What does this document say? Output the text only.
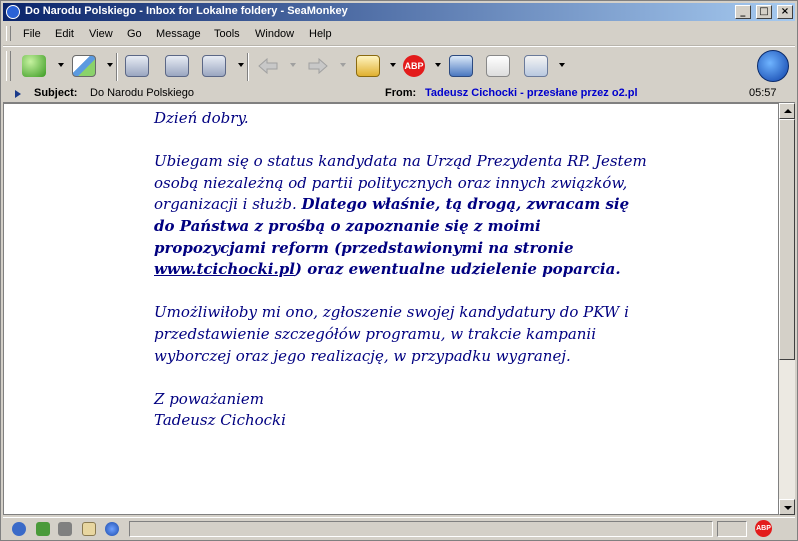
Do Narodu Polskiego - Inbox for Lokalne foldery - SeaMonkey	_ □ ×
File Edit View Go Message Tools Window Help
ABP
Subject: Do Narodu Polskiego	From: Tadeusz Cichocki - przesłane przez o2.pl	05:57

Dzień dobry.

Ubiegam się o status kandydata na Urząd Prezydenta RP. Jestem osobą niezależną od partii politycznych oraz innych związków, organizacji i służb. Dlatego właśnie, tą drogą, zwracam się do Państwa z prośbą o zapoznanie się z moimi propozycjami reform (przedstawionymi na stronie www.tcichocki.pl) oraz ewentualne udzielenie poparcia.

Umożliwiłoby mi ono, zgłoszenie swojej kandydatury do PKW i przedstawienie szczegółów programu, w trakcie kampanii wyborczej oraz jego realizację, w przypadku wygranej.

Z poważaniem

Tadeusz Cichocki

ABP
